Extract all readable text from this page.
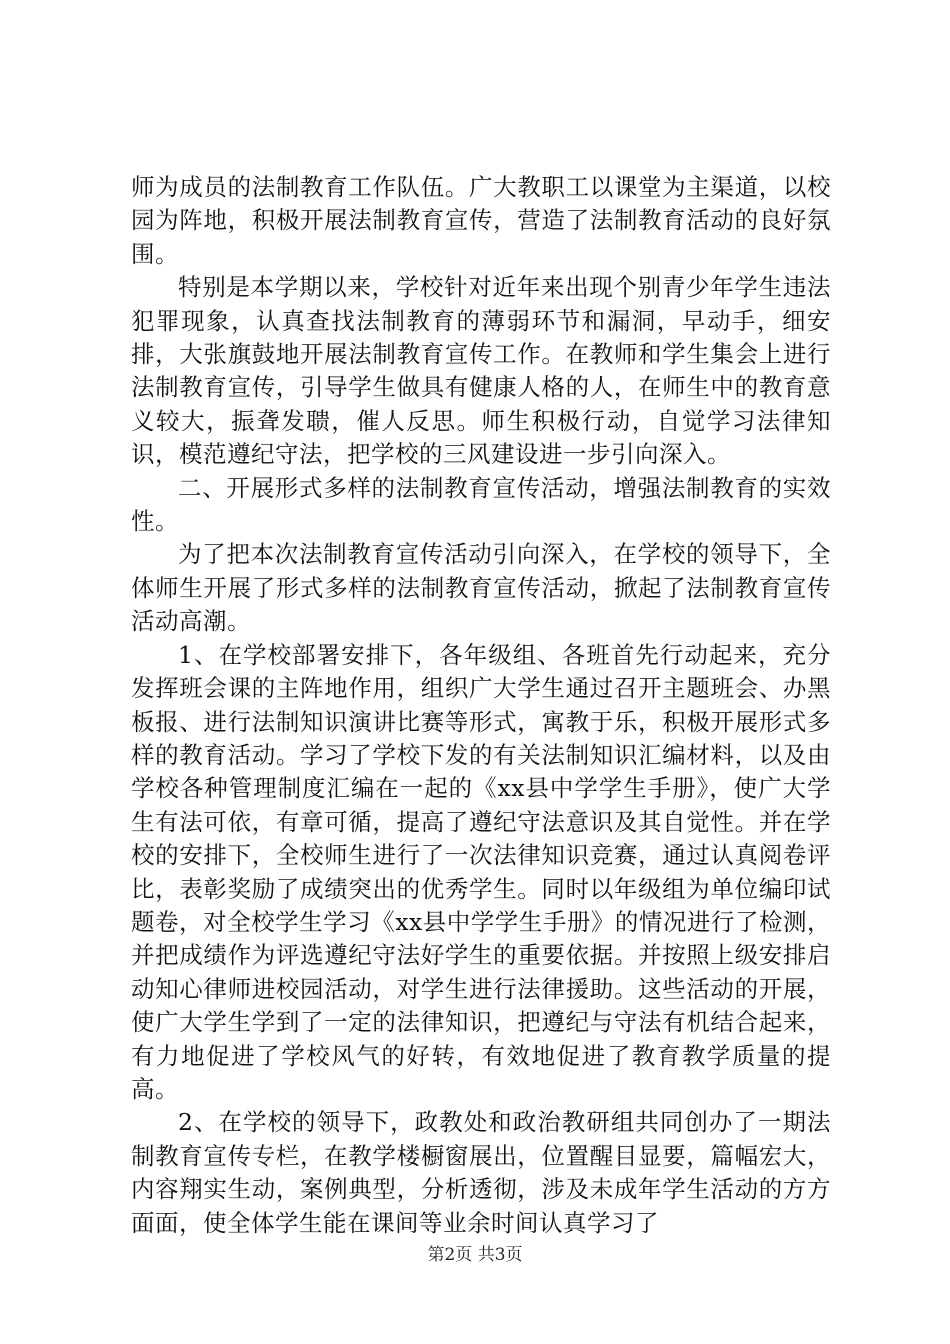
师为成员的法制教育工作队伍。广大教职工以课堂为主渠道，以校园为阵地，积极开展法制教育宣传，营造了法制教育活动的良好氛围。

特别是本学期以来，学校针对近年来出现个别青少年学生违法犯罪现象，认真查找法制教育的薄弱环节和漏洞，早动手，细安排，大张旗鼓地开展法制教育宣传工作。在教师和学生集会上进行法制教育宣传，引导学生做具有健康人格的人，在师生中的教育意义较大，振聋发聩，催人反思。师生积极行动，自觉学习法律知识，模范遵纪守法，把学校的三风建设进一步引向深入。

二、开展形式多样的法制教育宣传活动，增强法制教育的实效性。

为了把本次法制教育宣传活动引向深入，在学校的领导下，全体师生开展了形式多样的法制教育宣传活动，掀起了法制教育宣传活动高潮。

1、在学校部署安排下，各年级组、各班首先行动起来，充分发挥班会课的主阵地作用，组织广大学生通过召开主题班会、办黑板报、进行法制知识演讲比赛等形式，寓教于乐，积极开展形式多样的教育活动。学习了学校下发的有关法制知识汇编材料，以及由学校各种管理制度汇编在一起的《xx县中学学生手册》，使广大学生有法可依，有章可循，提高了遵纪守法意识及其自觉性。并在学校的安排下，全校师生进行了一次法律知识竞赛，通过认真阅卷评比，表彰奖励了成绩突出的优秀学生。同时以年级组为单位编印试题卷，对全校学生学习《xx县中学学生手册》的情况进行了检测，并把成绩作为评选遵纪守法好学生的重要依据。并按照上级安排启动知心律师进校园活动，对学生进行法律援助。这些活动的开展，使广大学生学到了一定的法律知识，把遵纪与守法有机结合起来，有力地促进了学校风气的好转，有效地促进了教育教学质量的提高。

2、在学校的领导下，政教处和政治教研组共同创办了一期法制教育宣传专栏，在教学楼橱窗展出，位置醒目显要，篇幅宏大，内容翔实生动，案例典型，分析透彻，涉及未成年学生活动的方方面面，使全体学生能在课间等业余时间认真学习了

第2页 共3页
